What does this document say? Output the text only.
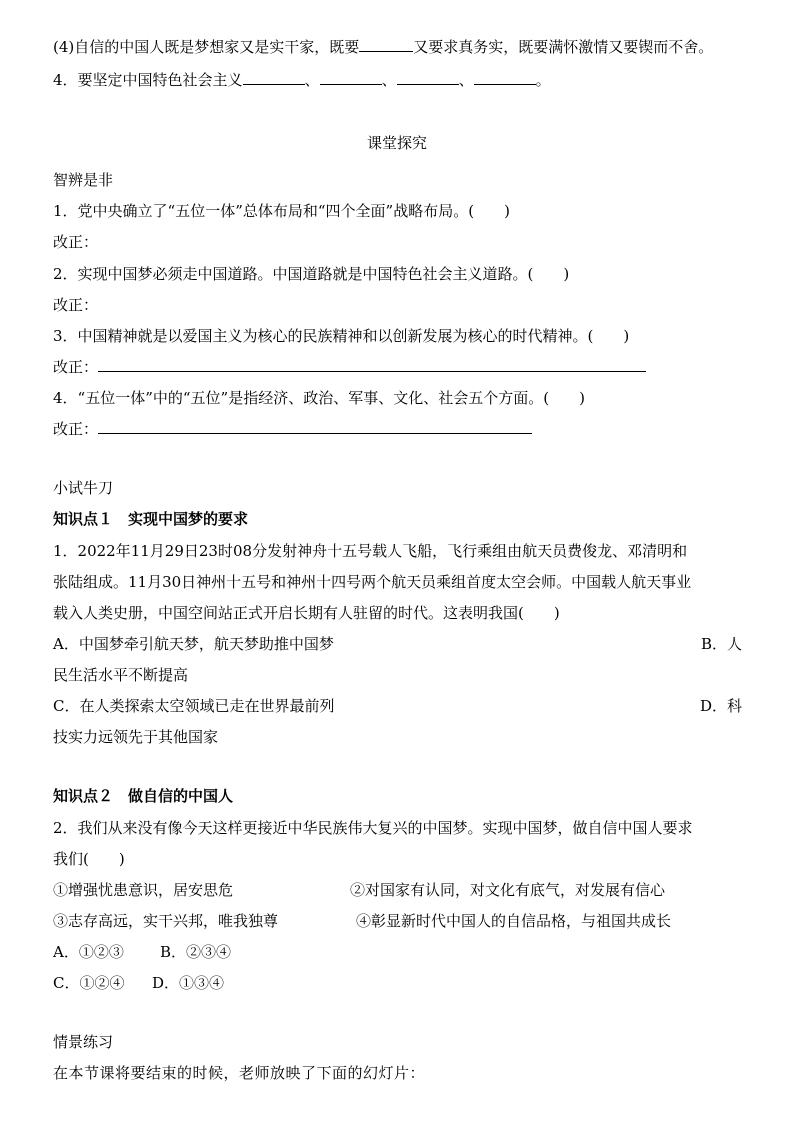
(4)自信的中国人既是梦想家又是实干家，既要	又要求真务实，既要满怀激情又要锲而不舍。
4．要坚定中国特色社会主义	、	、	、	。
课堂探究
智辨是非
1．党中央确立了“五位一体”总体布局和“四个全面”战略布局。(　　)
改正：
2．实现中国梦必须走中国道路。中国道路就是中国特色社会主义道路。(　　)
改正：
3．中国精神就是以爱国主义为核心的民族精神和以创新发展为核心的时代精神。(　　)
改正：
4．“五位一体”中的“五位”是指经济、政治、军事、文化、社会五个方面。(　　)
改正：
小试牛刀
知识点１　实现中国梦的要求
1．2022年11月29日23时08分发射神舟十五号载人飞船，飞行乘组由航天员费俊龙、邓清明和
张陆组成。11月30日神州十五号和神州十四号两个航天员乘组首度太空会师。中国载人航天事业
载入人类史册，中国空间站正式开启长期有人驻留的时代。这表明我国(　　)
A．中国梦牵引航天梦，航天梦助推中国梦	B．人
民生活水平不断提高
C．在人类探索太空领域已走在世界最前列	D．科
技实力远领先于其他国家
知识点２　做自信的中国人
2．我们从来没有像今天这样更接近中华民族伟大复兴的中国梦。实现中国梦，做自信中国人要求
我们(　　)
①增强忧患意识，居安思危	②对国家有认同，对文化有底气，对发展有信心
③志存高远，实干兴邦，唯我独尊	④彰显新时代中国人的自信品格，与祖国共成长
A．①②③ B．②③④
C．①②④ D．①③④
情景练习
在本节课将要结束的时候，老师放映了下面的幻灯片：
